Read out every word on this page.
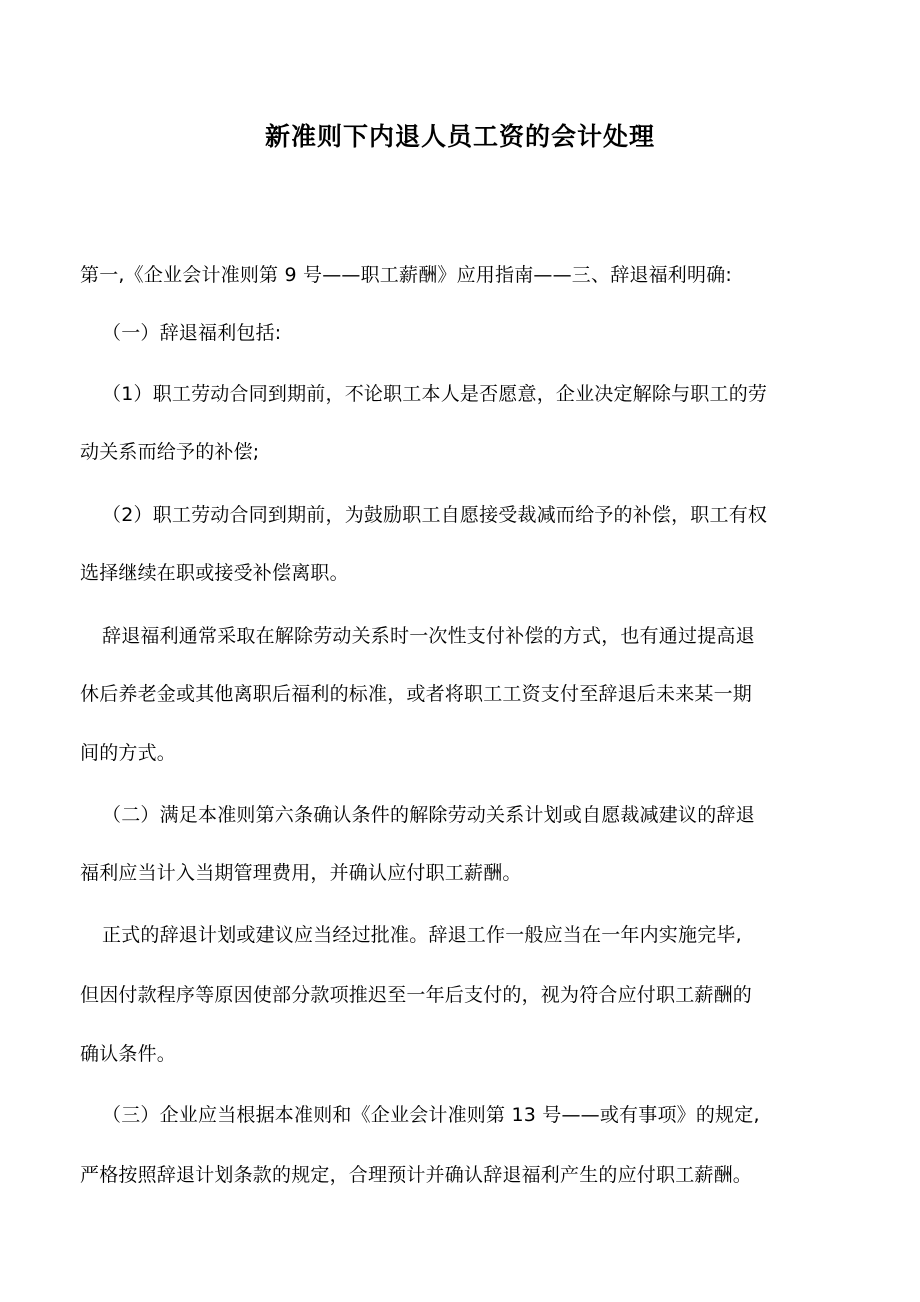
新准则下内退人员工资的会计处理
第一,《企业会计准则第 9 号——职工薪酬》应用指南——三、辞退福利明确:
（一）辞退福利包括:
（1）职工劳动合同到期前，不论职工本人是否愿意，企业决定解除与职工的劳
动关系而给予的补偿;
（2）职工劳动合同到期前，为鼓励职工自愿接受裁减而给予的补偿，职工有权
选择继续在职或接受补偿离职。
辞退福利通常采取在解除劳动关系时一次性支付补偿的方式，也有通过提高退
休后养老金或其他离职后福利的标准，或者将职工工资支付至辞退后未来某一期
间的方式。
（二）满足本准则第六条确认条件的解除劳动关系计划或自愿裁减建议的辞退
福利应当计入当期管理费用，并确认应付职工薪酬。
正式的辞退计划或建议应当经过批准。辞退工作一般应当在一年内实施完毕,
但因付款程序等原因使部分款项推迟至一年后支付的，视为符合应付职工薪酬的
确认条件。
（三）企业应当根据本准则和《企业会计准则第 13 号——或有事项》的规定,
严格按照辞退计划条款的规定，合理预计并确认辞退福利产生的应付职工薪酬。
